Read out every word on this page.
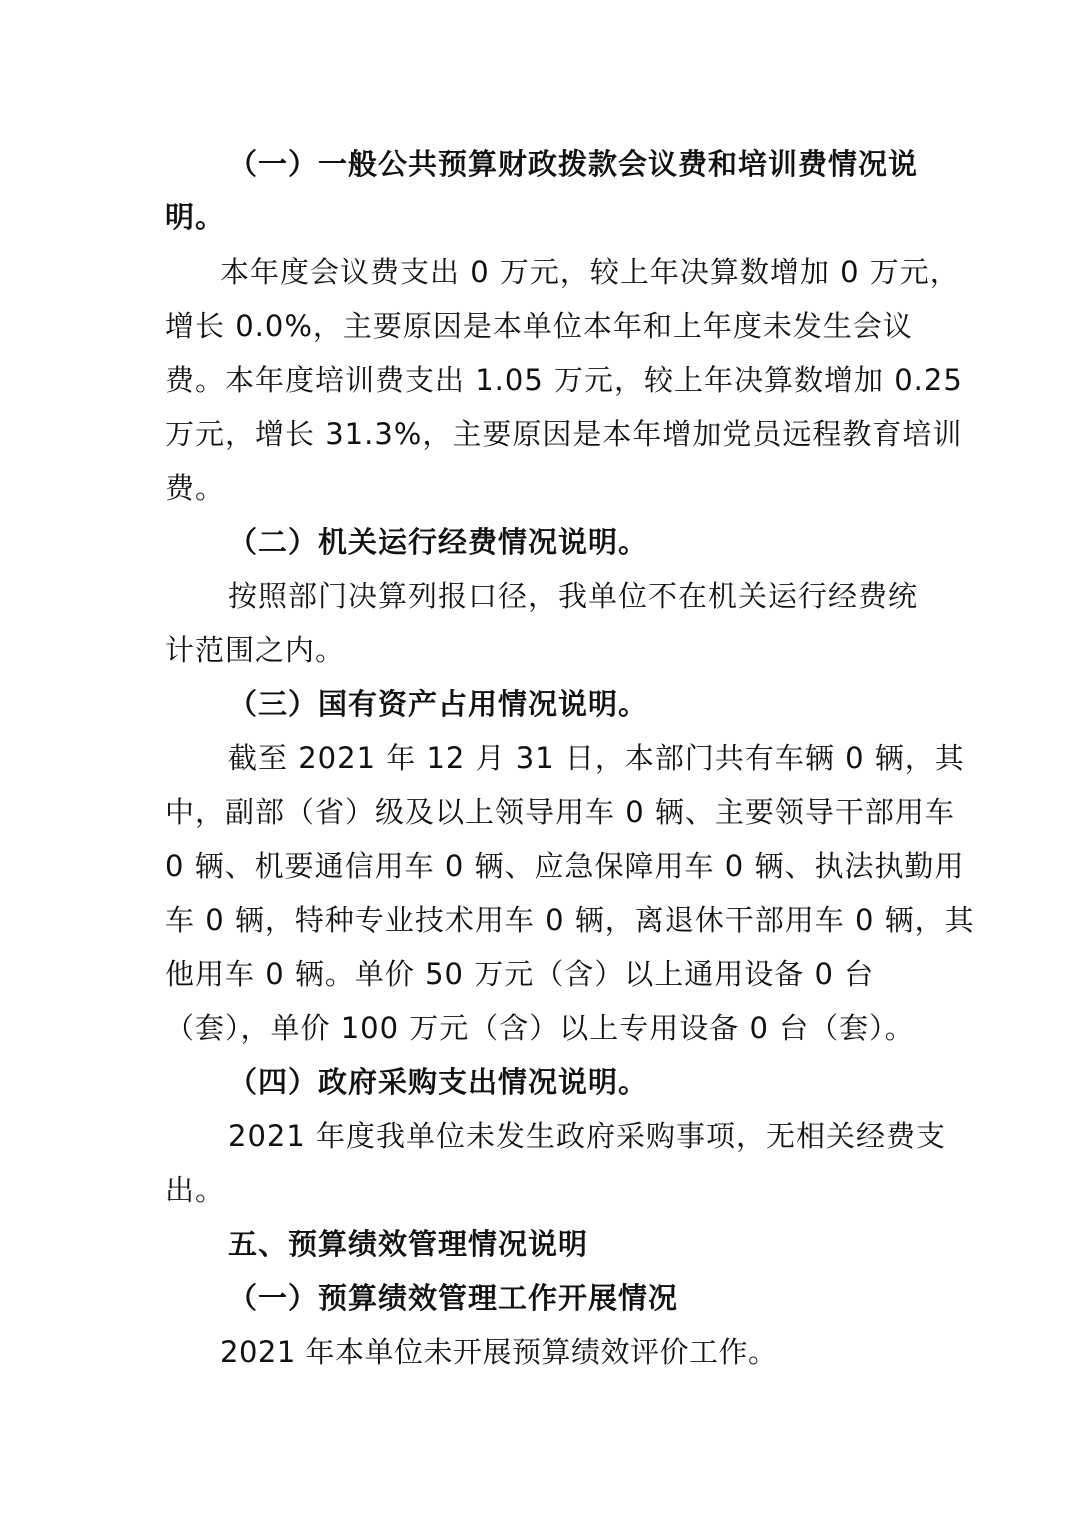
（一）一般公共预算财政拨款会议费和培训费情况说
明。
本年度会议费支出 0 万元，较上年决算数增加 0 万元，
增长 0.0%，主要原因是本单位本年和上年度未发生会议
费。本年度培训费支出 1.05 万元，较上年决算数增加 0.25
万元，增长 31.3%，主要原因是本年增加党员远程教育培训
费。
（二）机关运行经费情况说明。
按照部门决算列报口径，我单位不在机关运行经费统
计范围之内。
（三）国有资产占用情况说明。
截至 2021 年 12 月 31 日，本部门共有车辆 0 辆，其
中，副部（省）级及以上领导用车 0 辆、主要领导干部用车
0 辆、机要通信用车 0 辆、应急保障用车 0 辆、执法执勤用
车 0 辆，特种专业技术用车 0 辆，离退休干部用车 0 辆，其
他用车 0 辆。单价 50 万元（含）以上通用设备 0 台
（套），单价 100 万元（含）以上专用设备 0 台（套）。
（四）政府采购支出情况说明。
2021 年度我单位未发生政府采购事项，无相关经费支
出。
五、预算绩效管理情况说明
（一）预算绩效管理工作开展情况
2021 年本单位未开展预算绩效评价工作。
